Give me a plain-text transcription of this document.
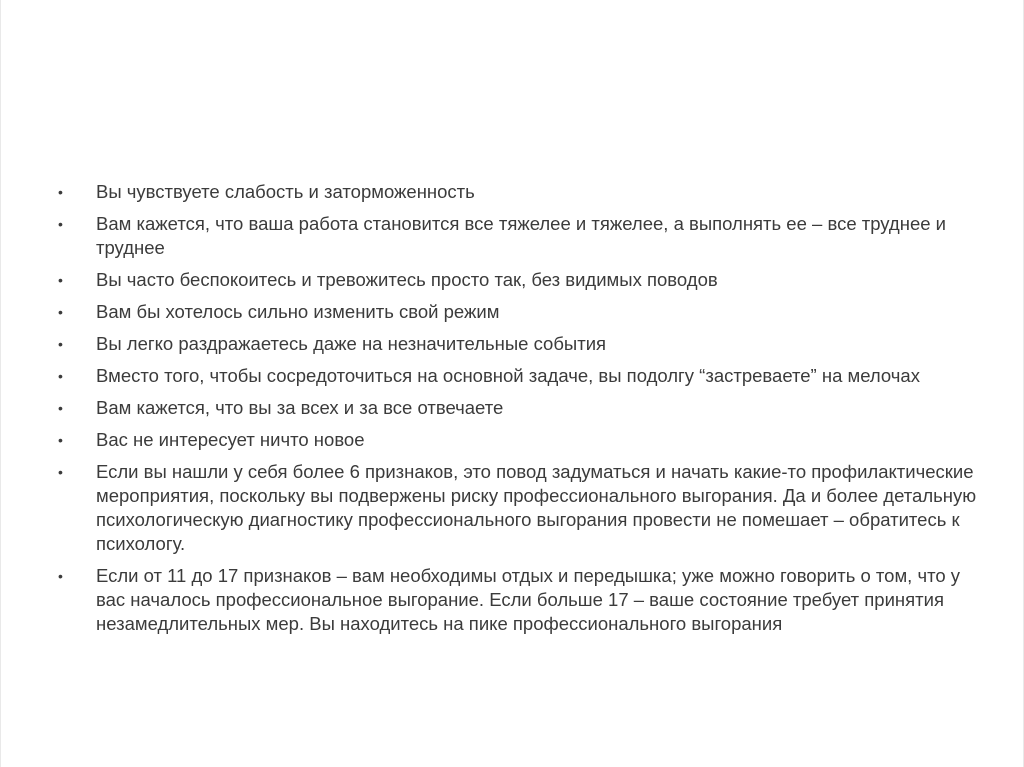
•	Вы чувствуете слабость и заторможенность
•	Вам кажется, что ваша работа становится все тяжелее и тяжелее, а выполнять ее – все труднее и труднее
•	Вы часто беспокоитесь и тревожитесь просто так, без видимых поводов
•	Вам бы хотелось сильно изменить свой режим
•	Вы легко раздражаетесь даже на незначительные события
•	Вместо того, чтобы сосредоточиться на основной задаче, вы подолгу “застреваете” на мелочах
•	Вам кажется, что вы за всех и за все отвечаете
•	Вас не интересует ничто новое
•	Если вы нашли у себя более 6 признаков, это повод задуматься и начать какие-то профилактические мероприятия, поскольку вы подвержены риску профессионального выгорания. Да и более детальную психологическую диагностику профессионального выгорания провести не помешает – обратитесь к психологу.
•	Если от 11 до 17 признаков – вам необходимы отдых и передышка; уже можно говорить о том, что у вас началось профессиональное выгорание. Если больше 17 – ваше состояние требует принятия незамедлительных мер. Вы находитесь на пике профессионального выгорания
